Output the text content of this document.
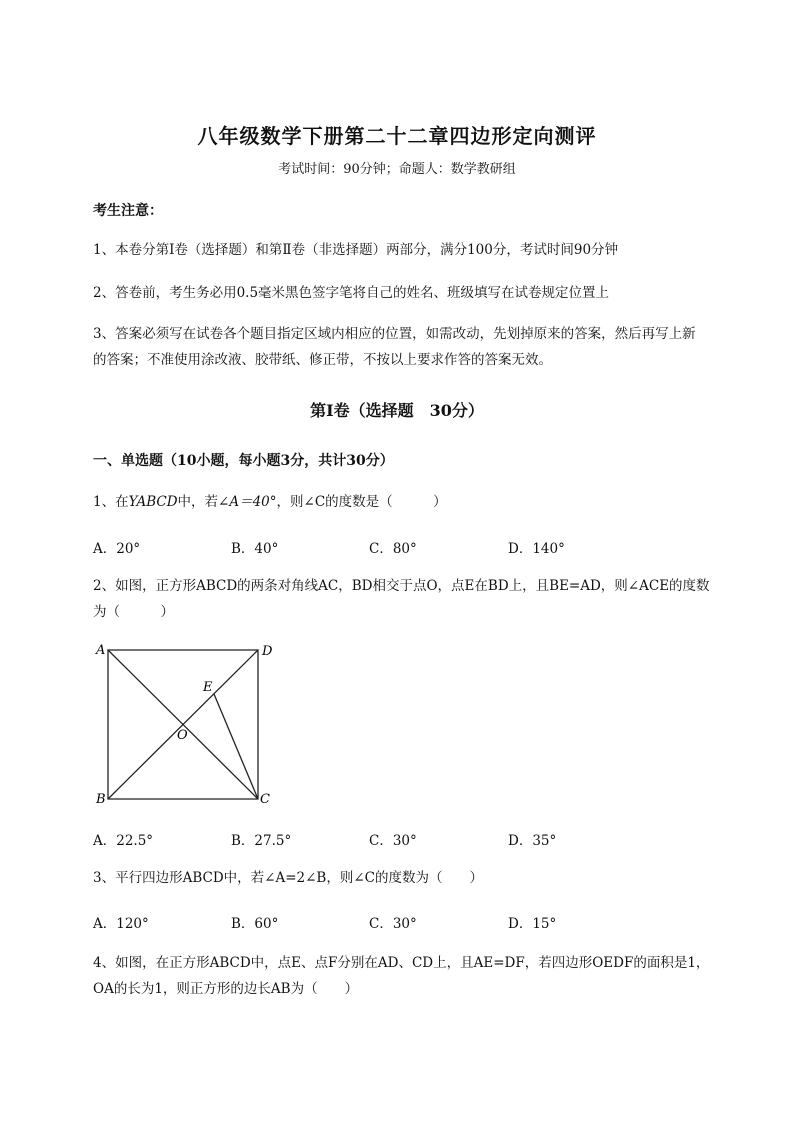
八年级数学下册第二十二章四边形定向测评
考试时间：90分钟；命题人：数学教研组
考生注意：
1、本卷分第I卷（选择题）和第Ⅱ卷（非选择题）两部分，满分100分，考试时间90分钟
2、答卷前，考生务必用0.5毫米黑色签字笔将自己的姓名、班级填写在试卷规定位置上
3、答案必须写在试卷各个题目指定区域内相应的位置，如需改动，先划掉原来的答案，然后再写上新
的答案；不准使用涂改液、胶带纸、修正带，不按以上要求作答的答案无效。
第I卷（选择题　30分）
一、单选题（10小题，每小题3分，共计30分）
1、在YABCD中，若∠A＝40°，则∠C的度数是（　　　）
A．20°	B．40°	C．80°	D．140°
2、如图，正方形ABCD的两条对角线AC，BD相交于点O，点E在BD上，且BE=AD，则∠ACE的度数
为（　　　）
A	D
B	C
E
O
A．22.5°	B．27.5°	C．30°	D．35°
3、平行四边形ABCD中，若∠A=2∠B，则∠C的度数为（　　）
A．120°	B．60°	C．30°	D．15°
4、如图，在正方形ABCD中，点E、点F分别在AD、CD上，且AE=DF，若四边形OEDF的面积是1，
OA的长为1，则正方形的边长AB为（　　）
